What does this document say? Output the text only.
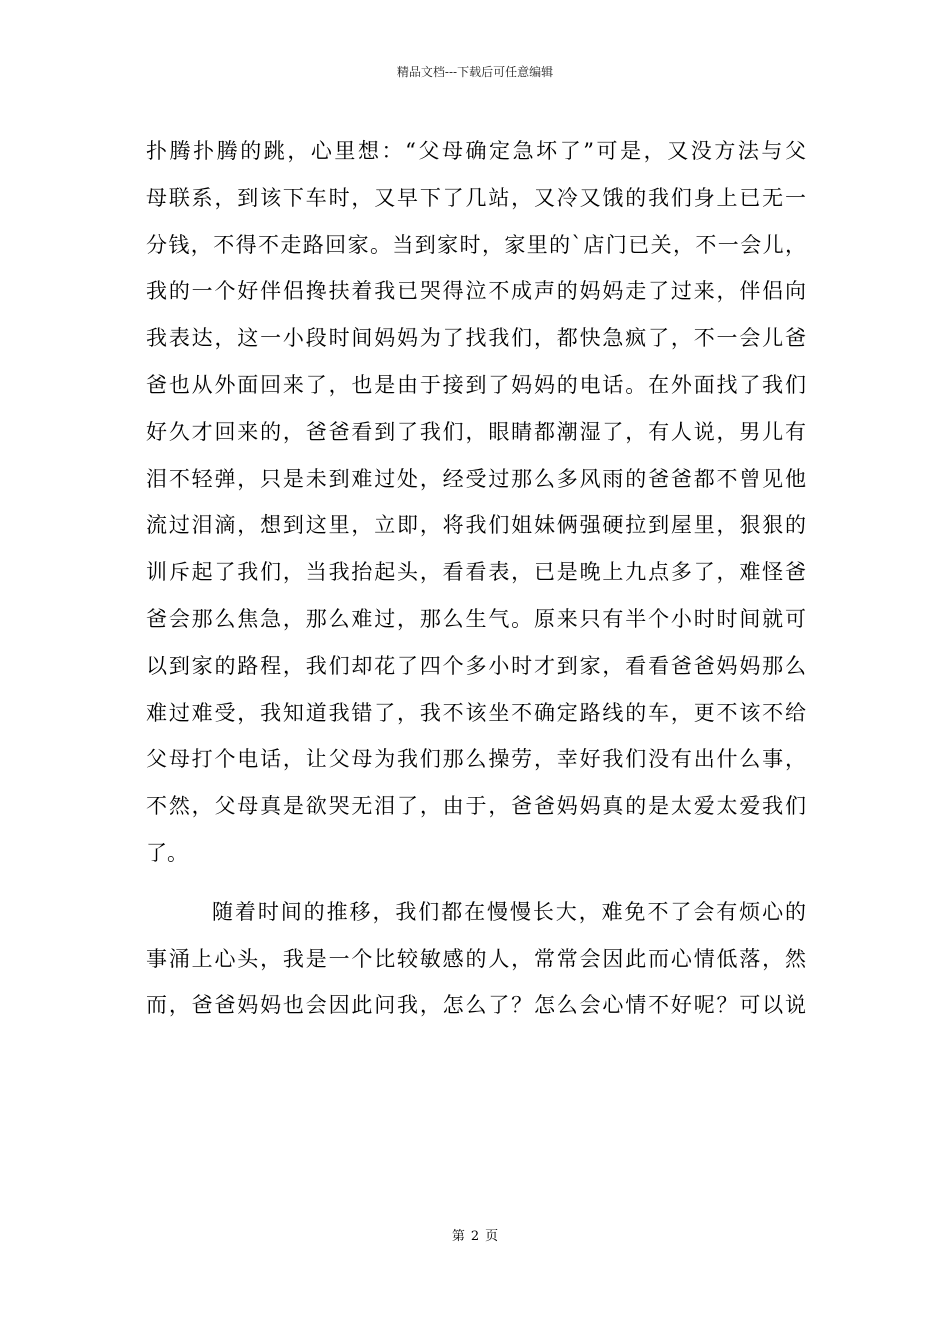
精品文档---下载后可任意编辑
扑腾扑腾的跳，心里想：“父母确定急坏了”可是，又没方法与父
母联系，到该下车时，又早下了几站，又冷又饿的我们身上已无一
分钱，不得不走路回家。当到家时，家里的`店门已关，不一会儿，
我的一个好伴侣搀扶着我已哭得泣不成声的妈妈走了过来，伴侣向
我表达，这一小段时间妈妈为了找我们，都快急疯了，不一会儿爸
爸也从外面回来了，也是由于接到了妈妈的电话。在外面找了我们
好久才回来的，爸爸看到了我们，眼睛都潮湿了，有人说，男儿有
泪不轻弹，只是未到难过处，经受过那么多风雨的爸爸都不曾见他
流过泪滴，想到这里，立即，将我们姐妹俩强硬拉到屋里，狠狠的
训斥起了我们，当我抬起头，看看表，已是晚上九点多了，难怪爸
爸会那么焦急，那么难过，那么生气。原来只有半个小时时间就可
以到家的路程，我们却花了四个多小时才到家，看看爸爸妈妈那么
难过难受，我知道我错了，我不该坐不确定路线的车，更不该不给
父母打个电话，让父母为我们那么操劳，幸好我们没有出什么事，
不然，父母真是欲哭无泪了，由于，爸爸妈妈真的是太爱太爱我们
了。
随着时间的推移，我们都在慢慢长大，难免不了会有烦心的
事涌上心头，我是一个比较敏感的人，常常会因此而心情低落，然
而，爸爸妈妈也会因此问我，怎么了？怎么会心情不好呢？可以说
第 2 页
